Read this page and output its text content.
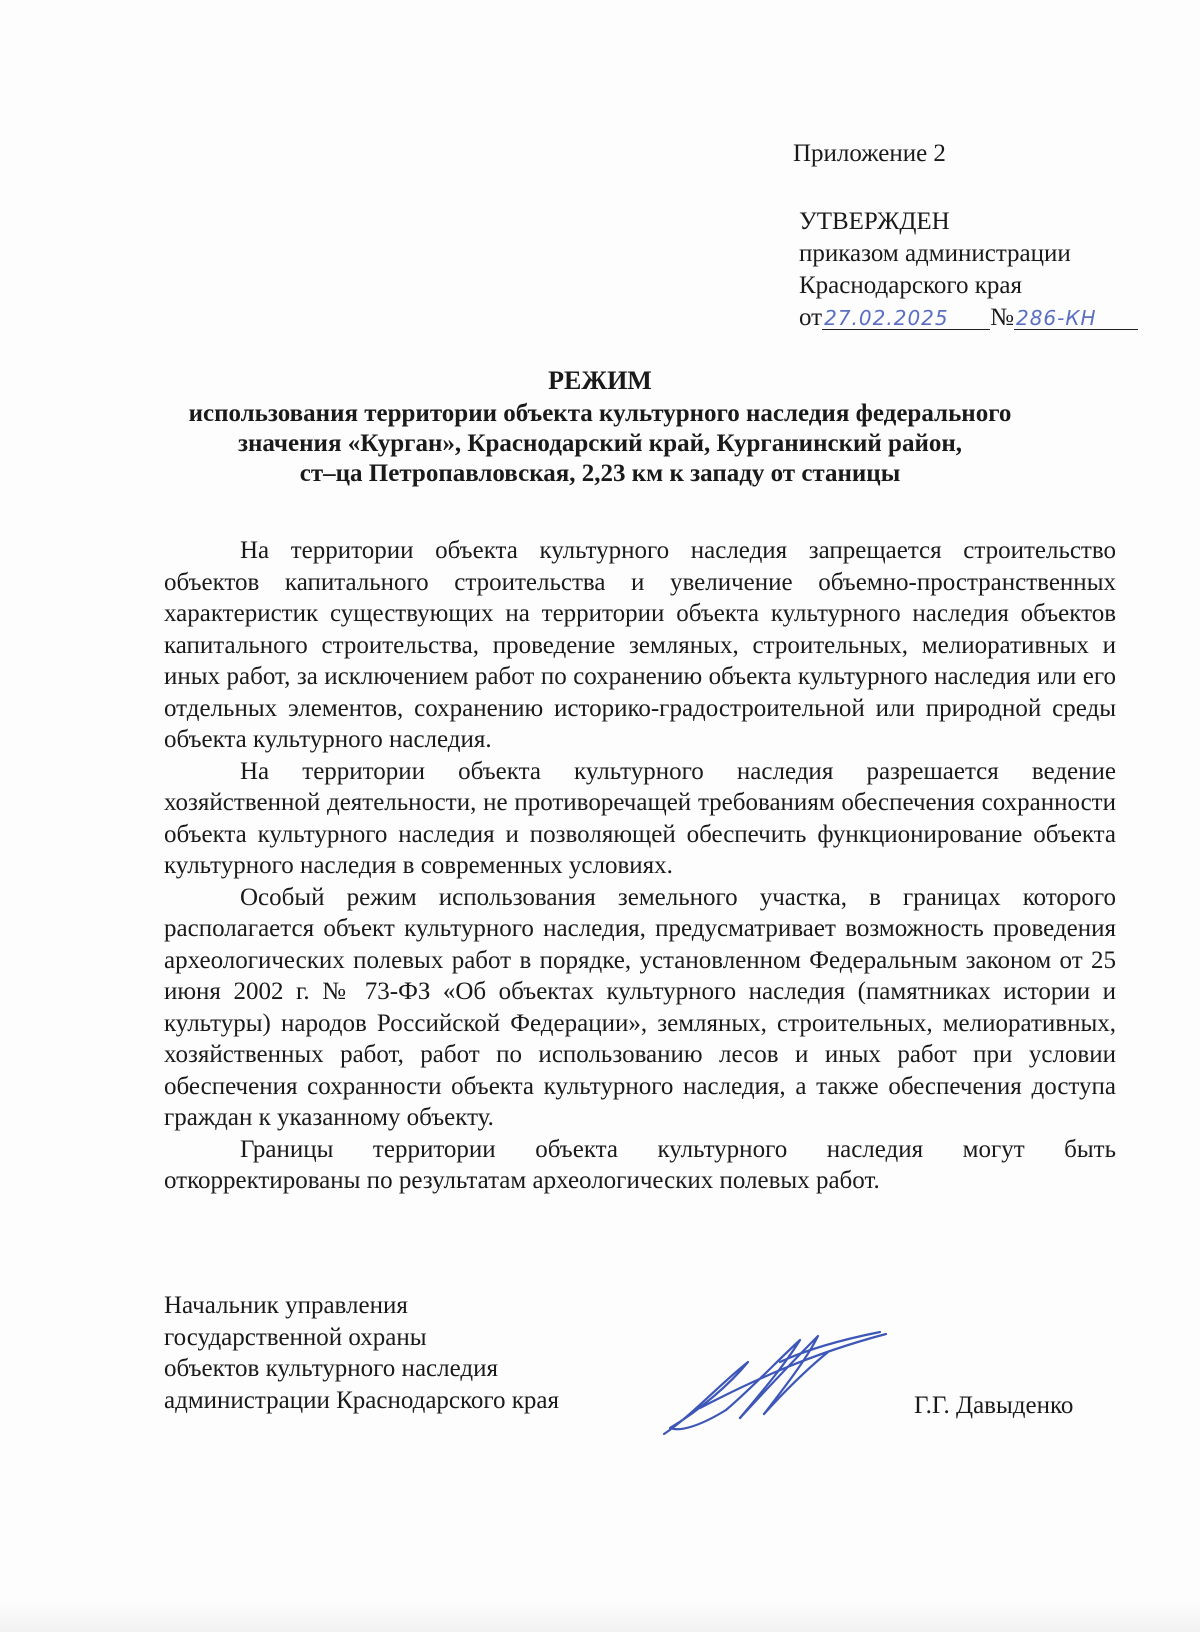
Приложение 2
УТВЕРЖДЕН
приказом администрации
Краснодарского края
от 27.02.2025 № 286-КН
РЕЖИМ
использования территории объекта культурного наследия федерального
значения «Курган», Краснодарский край, Курганинский район,
ст–ца Петропавловская, 2,23 км к западу от станицы

На территории объекта культурного наследия запрещается строительство объектов капитального строительства и увеличение объемно-пространственных характеристик существующих на территории объекта культурного наследия объектов капитального строительства, проведение земляных, строительных, мелиоративных и иных работ, за исключением работ по сохранению объекта культурного наследия или его отдельных элементов, сохранению историко-градостроительной или природной среды объекта культурного наследия.

На территории объекта культурного наследия разрешается ведение хозяйственной деятельности, не противоречащей требованиям обеспечения сохранности объекта культурного наследия и позволяющей обеспечить функционирование объекта культурного наследия в современных условиях.

Особый режим использования земельного участка, в границах которого располагается объект культурного наследия, предусматривает возможность проведения археологических полевых работ в порядке, установленном Федеральным законом от 25 июня 2002 г. № 73-ФЗ «Об объектах культурного наследия (памятниках истории и культуры) народов Российской Федерации», земляных, строительных, мелиоративных, хозяйственных работ, работ по использованию лесов и иных работ при условии обеспечения сохранности объекта культурного наследия, а также обеспечения доступа граждан к указанному объекту.

Границы территории объекта культурного наследия могут быть откорректированы по результатам археологических полевых работ.

Начальник управления
государственной охраны
объектов культурного наследия
администрации Краснодарского края	Г.Г. Давыденко
